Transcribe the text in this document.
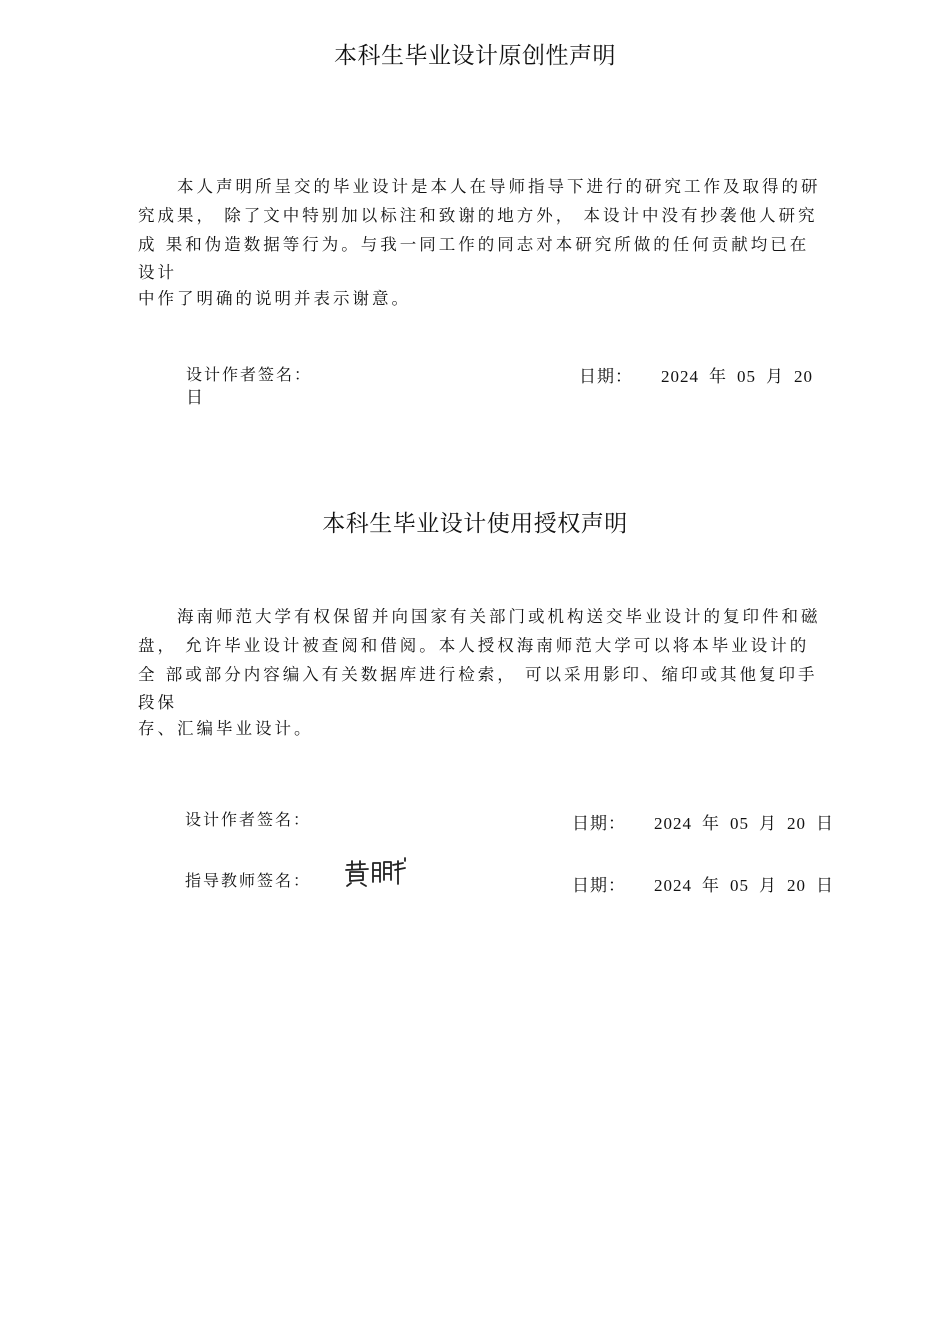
本科生毕业设计原创性声明
　　本人声明所呈交的毕业设计是本人在导师指导下进行的研究工作及取得的研
究成果， 除了文中特别加以标注和致谢的地方外， 本设计中没有抄袭他人研究
成 果和伪造数据等行为。与我一同工作的同志对本研究所做的任何贡献均已在
设计
中作了明确的说明并表示谢意。
设计作者签名：	日期： 2024 年 05 月 20
日
本科生毕业设计使用授权声明
　　海南师范大学有权保留并向国家有关部门或机构送交毕业设计的复印件和磁
盘， 允许毕业设计被查阅和借阅。本人授权海南师范大学可以将本毕业设计的
全 部或部分内容编入有关数据库进行检索， 可以采用影印、缩印或其他复印手
段保
存、汇编毕业设计。
设计作者签名：	日期： 2024 年 05 月 20 日
指导教师签名：	日期： 2024 年 05 月 20 日
